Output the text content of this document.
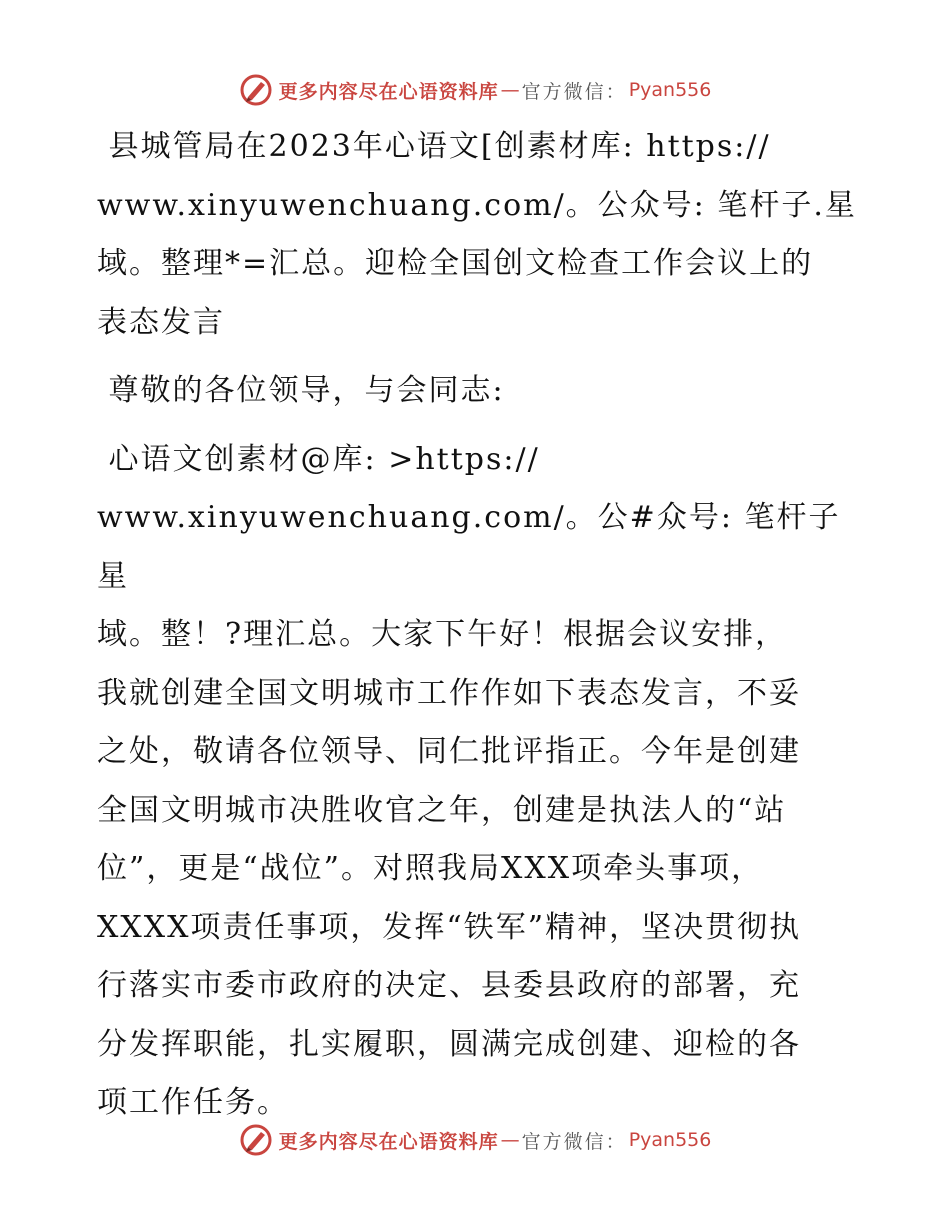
更多内容尽在心语资料库 — 官方微信 ： Pyan556

县城管局在2023年心语文[创素材库: https://
www.xinyuwenchuang.com/。公众号: 笔杆子.星
域。整理*=汇总。迎检全国创文检查工作会议上的
表态发言

尊敬的各位领导，与会同志:

心语文创素材@库: >https://
www.xinyuwenchuang.com/。公#众号: 笔杆子星
域。整！?理汇总。大家下午好！根据会议安排，
我就创建全国文明城市工作作如下表态发言，不妥
之处，敬请各位领导、同仁批评指正。今年是创建
全国文明城市决胜收官之年，创建是执法人的“站
位”，更是“战位”。对照我局XXX项牵头事项，
XXXX项责任事项，发挥“铁军”精神，坚决贯彻执
行落实市委市政府的决定、县委县政府的部署，充
分发挥职能，扎实履职，圆满完成创建、迎检的各
项工作任务。

更多内容尽在心语资料库 — 官方微信 ： Pyan556
